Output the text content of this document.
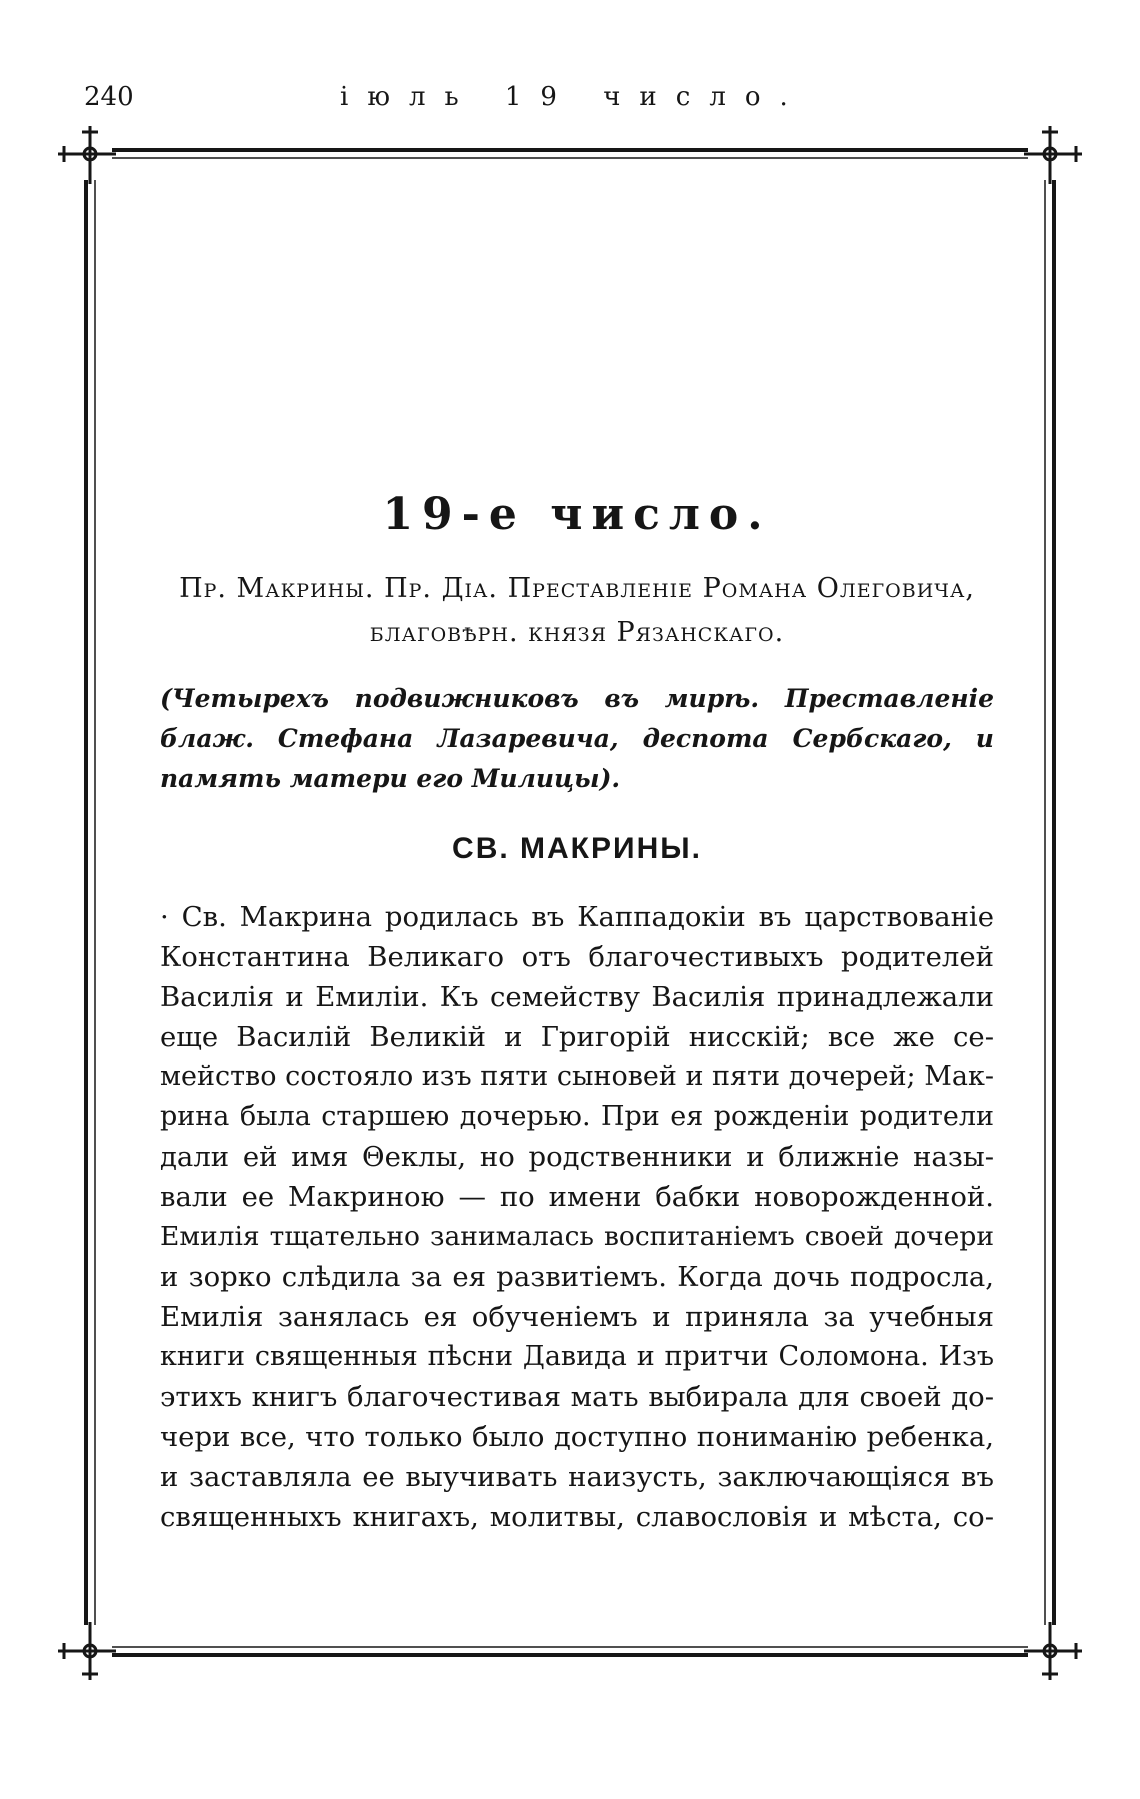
240	іюль 19 число.
19-е число.
Пр. Макрины. Пр. Діа. Преставленіе Романа Олеговича,
благовѣрн. князя Рязанскаго.
(Четырехъ подвижниковъ въ мирѣ. Преставленіе
блаж. Стефана Лазаревича, деспота Сербскаго, и
память матери его Милицы).
СВ. МАКРИНЫ.
· Св. Макрина родилась въ Каппадокіи въ царствованіе
Константина Великаго отъ благочестивыхъ родителей
Василія и Емиліи. Къ семейству Василія принадлежали
еще Василій Великій и Григорій нисскій; все же се-
мейство состояло изъ пяти сыновей и пяти дочерей; Мак-
рина была старшею дочерью. При ея рожденіи родители
дали ей имя Θеклы, но родственники и ближніе назы-
вали ее Макриною — по имени бабки новорожденной.
Емилія тщательно занималась воспитаніемъ своей дочери
и зорко слѣдила за ея развитіемъ. Когда дочь подросла,
Емилія занялась ея обученіемъ и приняла за учебныя
книги священныя пѣсни Давида и притчи Соломона. Изъ
этихъ книгъ благочестивая мать выбирала для своей до-
чери все, что только было доступно пониманію ребенка,
и заставляла ее выучивать наизусть, заключающіяся въ
священныхъ книгахъ, молитвы, славословія и мѣста, со-
